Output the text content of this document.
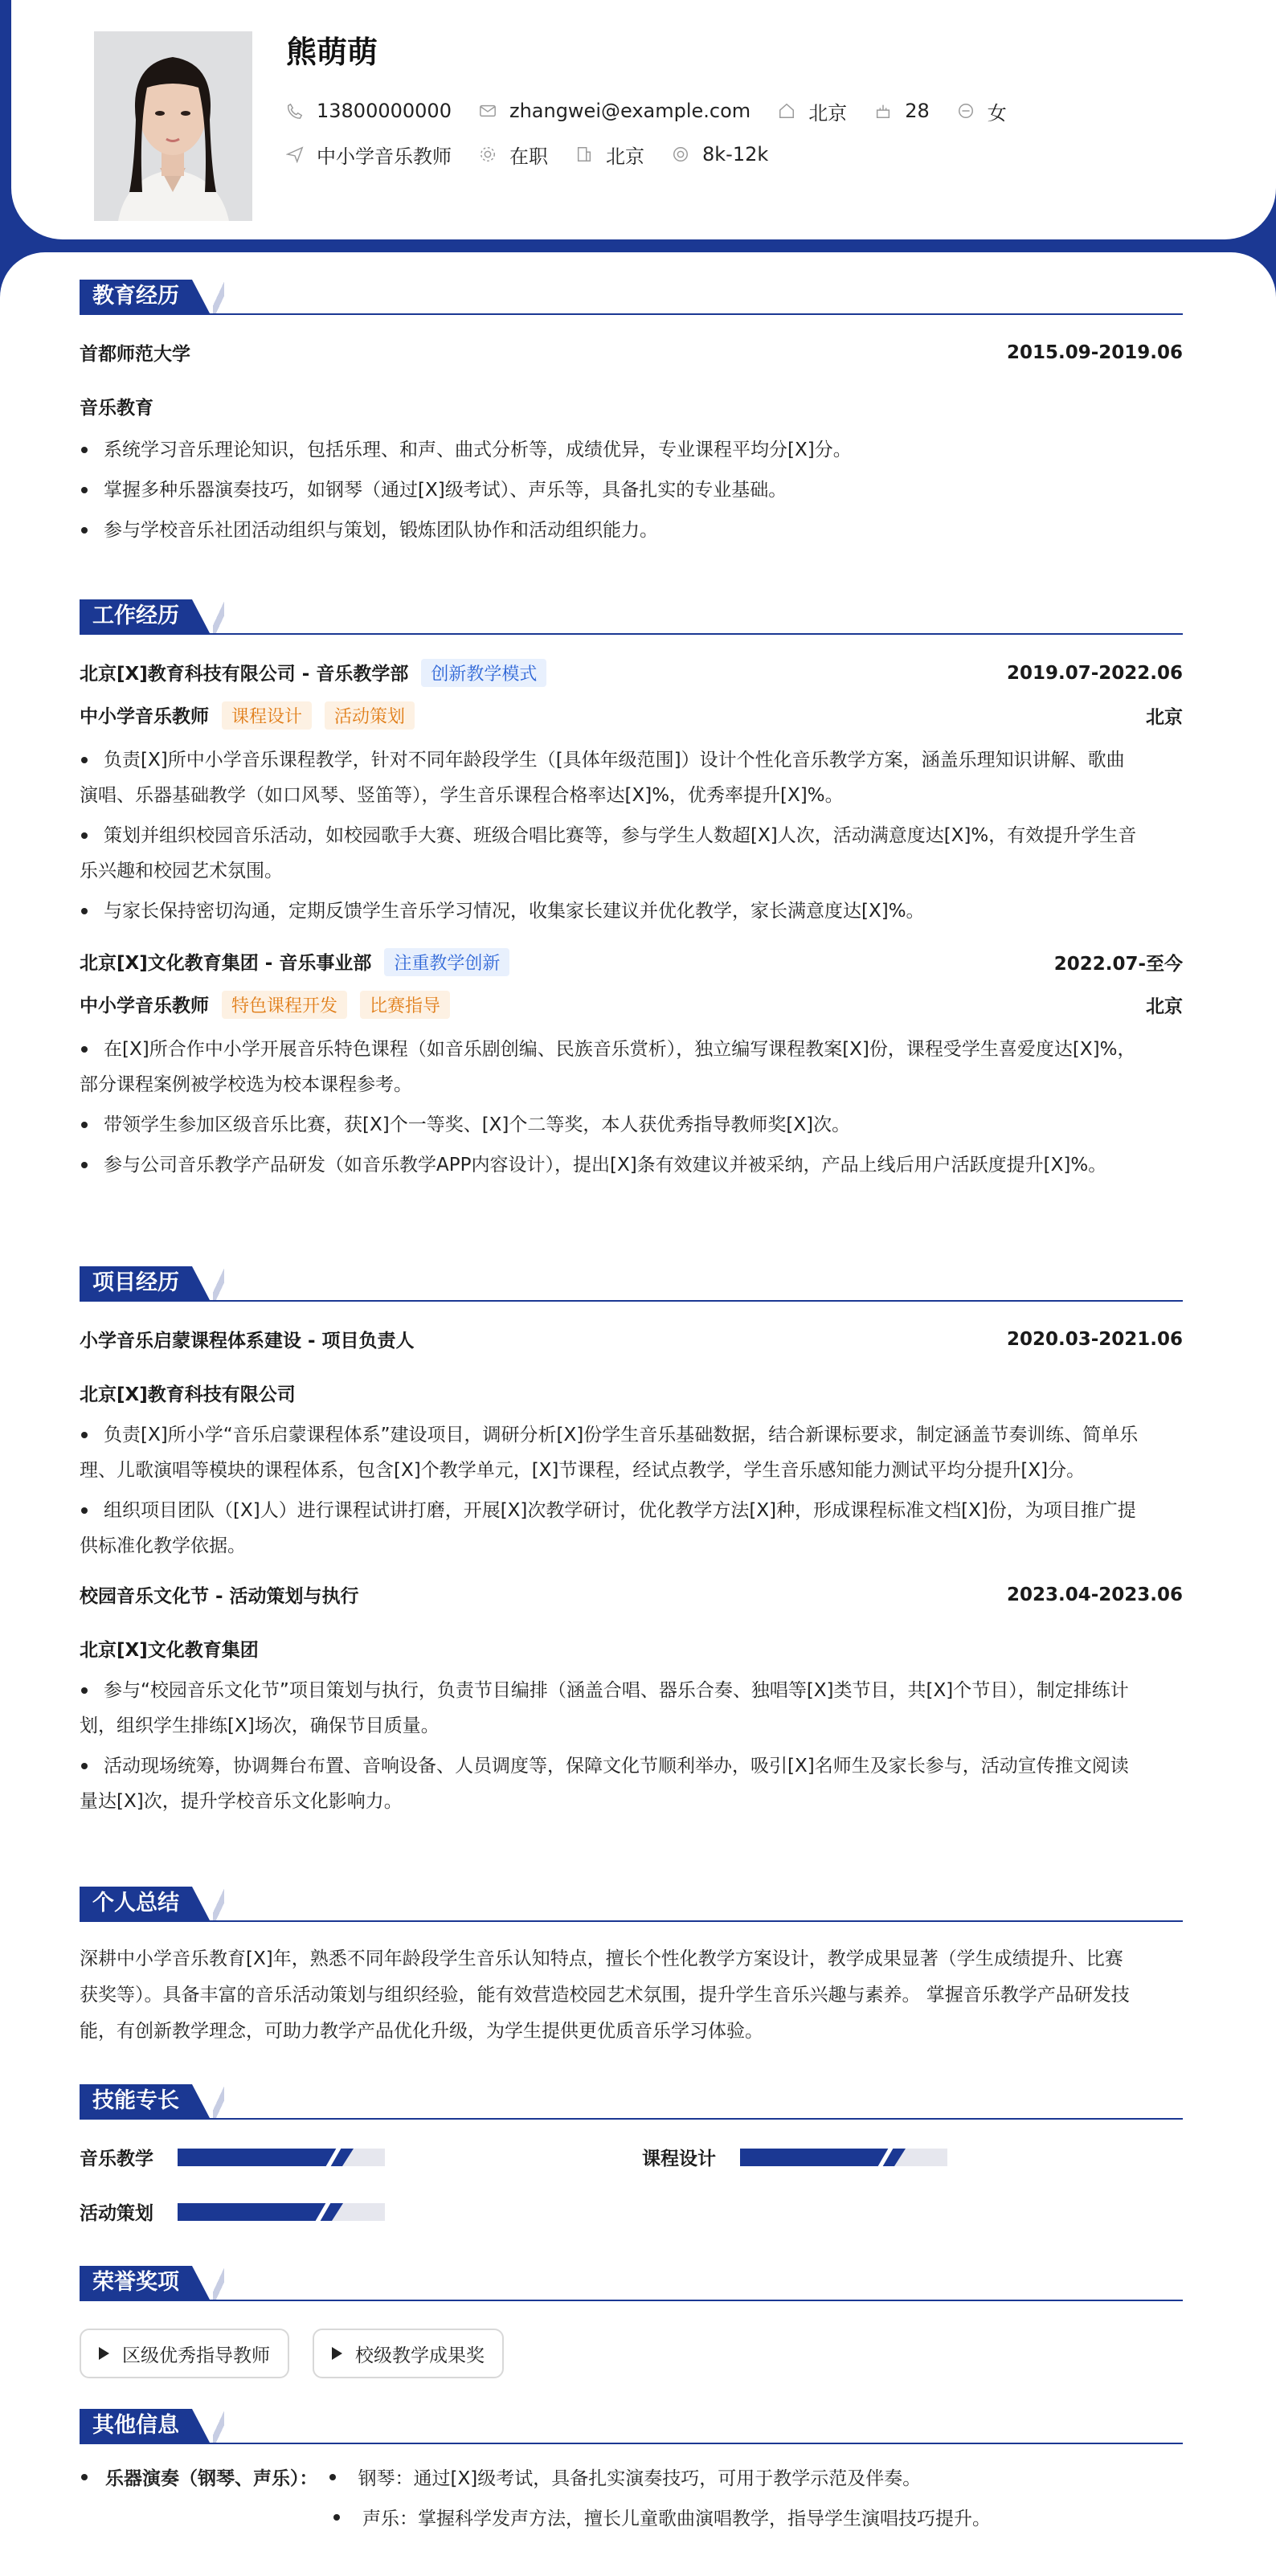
熊萌萌
13800000000	zhangwei@example.com	北京	28	女
中小学音乐教师	在职	北京	8k-12k
教育经历
首都师范大学	2015.09-2019.06
音乐教育
系统学习音乐理论知识，包括乐理、和声、曲式分析等，成绩优异，专业课程平均分[X]分。
掌握多种乐器演奏技巧，如钢琴（通过[X]级考试）、声乐等，具备扎实的专业基础。
参与学校音乐社团活动组织与策划，锻炼团队协作和活动组织能力。
工作经历
北京[X]教育科技有限公司 - 音乐教学部 创新教学模式	2019.07-2022.06
中小学音乐教师 课程设计 活动策划	北京
负责[X]所中小学音乐课程教学，针对不同年龄段学生（[具体年级范围]）设计个性化音乐教学方案，涵盖乐理知识讲解、歌曲
演唱、乐器基础教学（如口风琴、竖笛等），学生音乐课程合格率达[X]%，优秀率提升[X]%。
策划并组织校园音乐活动，如校园歌手大赛、班级合唱比赛等，参与学生人数超[X]人次，活动满意度达[X]%，有效提升学生音
乐兴趣和校园艺术氛围。
与家长保持密切沟通，定期反馈学生音乐学习情况，收集家长建议并优化教学，家长满意度达[X]%。
北京[X]文化教育集团 - 音乐事业部 注重教学创新	2022.07-至今
中小学音乐教师 特色课程开发 比赛指导	北京
在[X]所合作中小学开展音乐特色课程（如音乐剧创编、民族音乐赏析），独立编写课程教案[X]份，课程受学生喜爱度达[X]%，
部分课程案例被学校选为校本课程参考。
带领学生参加区级音乐比赛，获[X]个一等奖、[X]个二等奖，本人获优秀指导教师奖[X]次。
参与公司音乐教学产品研发（如音乐教学APP内容设计），提出[X]条有效建议并被采纳，产品上线后用户活跃度提升[X]%。
项目经历
小学音乐启蒙课程体系建设 - 项目负责人	2020.03-2021.06
北京[X]教育科技有限公司
负责[X]所小学“音乐启蒙课程体系”建设项目，调研分析[X]份学生音乐基础数据，结合新课标要求，制定涵盖节奏训练、简单乐
理、儿歌演唱等模块的课程体系，包含[X]个教学单元，[X]节课程，经试点教学，学生音乐感知能力测试平均分提升[X]分。
组织项目团队（[X]人）进行课程试讲打磨，开展[X]次教学研讨，优化教学方法[X]种，形成课程标准文档[X]份，为项目推广提
供标准化教学依据。
校园音乐文化节 - 活动策划与执行	2023.04-2023.06
北京[X]文化教育集团
参与“校园音乐文化节”项目策划与执行，负责节目编排（涵盖合唱、器乐合奏、独唱等[X]类节目，共[X]个节目），制定排练计
划，组织学生排练[X]场次，确保节目质量。
活动现场统筹，协调舞台布置、音响设备、人员调度等，保障文化节顺利举办，吸引[X]名师生及家长参与，活动宣传推文阅读
量达[X]次，提升学校音乐文化影响力。
个人总结
深耕中小学音乐教育[X]年，熟悉不同年龄段学生音乐认知特点，擅长个性化教学方案设计，教学成果显著（学生成绩提升、比赛
获奖等）。具备丰富的音乐活动策划与组织经验，能有效营造校园艺术氛围，提升学生音乐兴趣与素养。 掌握音乐教学产品研发技
能，有创新教学理念，可助力教学产品优化升级，为学生提供更优质音乐学习体验。
技能专长
音乐教学	课程设计
活动策划
荣誉奖项
区级优秀指导教师	校级教学成果奖
其他信息
乐器演奏（钢琴、声乐）： 钢琴：通过[X]级考试，具备扎实演奏技巧，可用于教学示范及伴奏。
声乐：掌握科学发声方法，擅长儿童歌曲演唱教学，指导学生演唱技巧提升。
